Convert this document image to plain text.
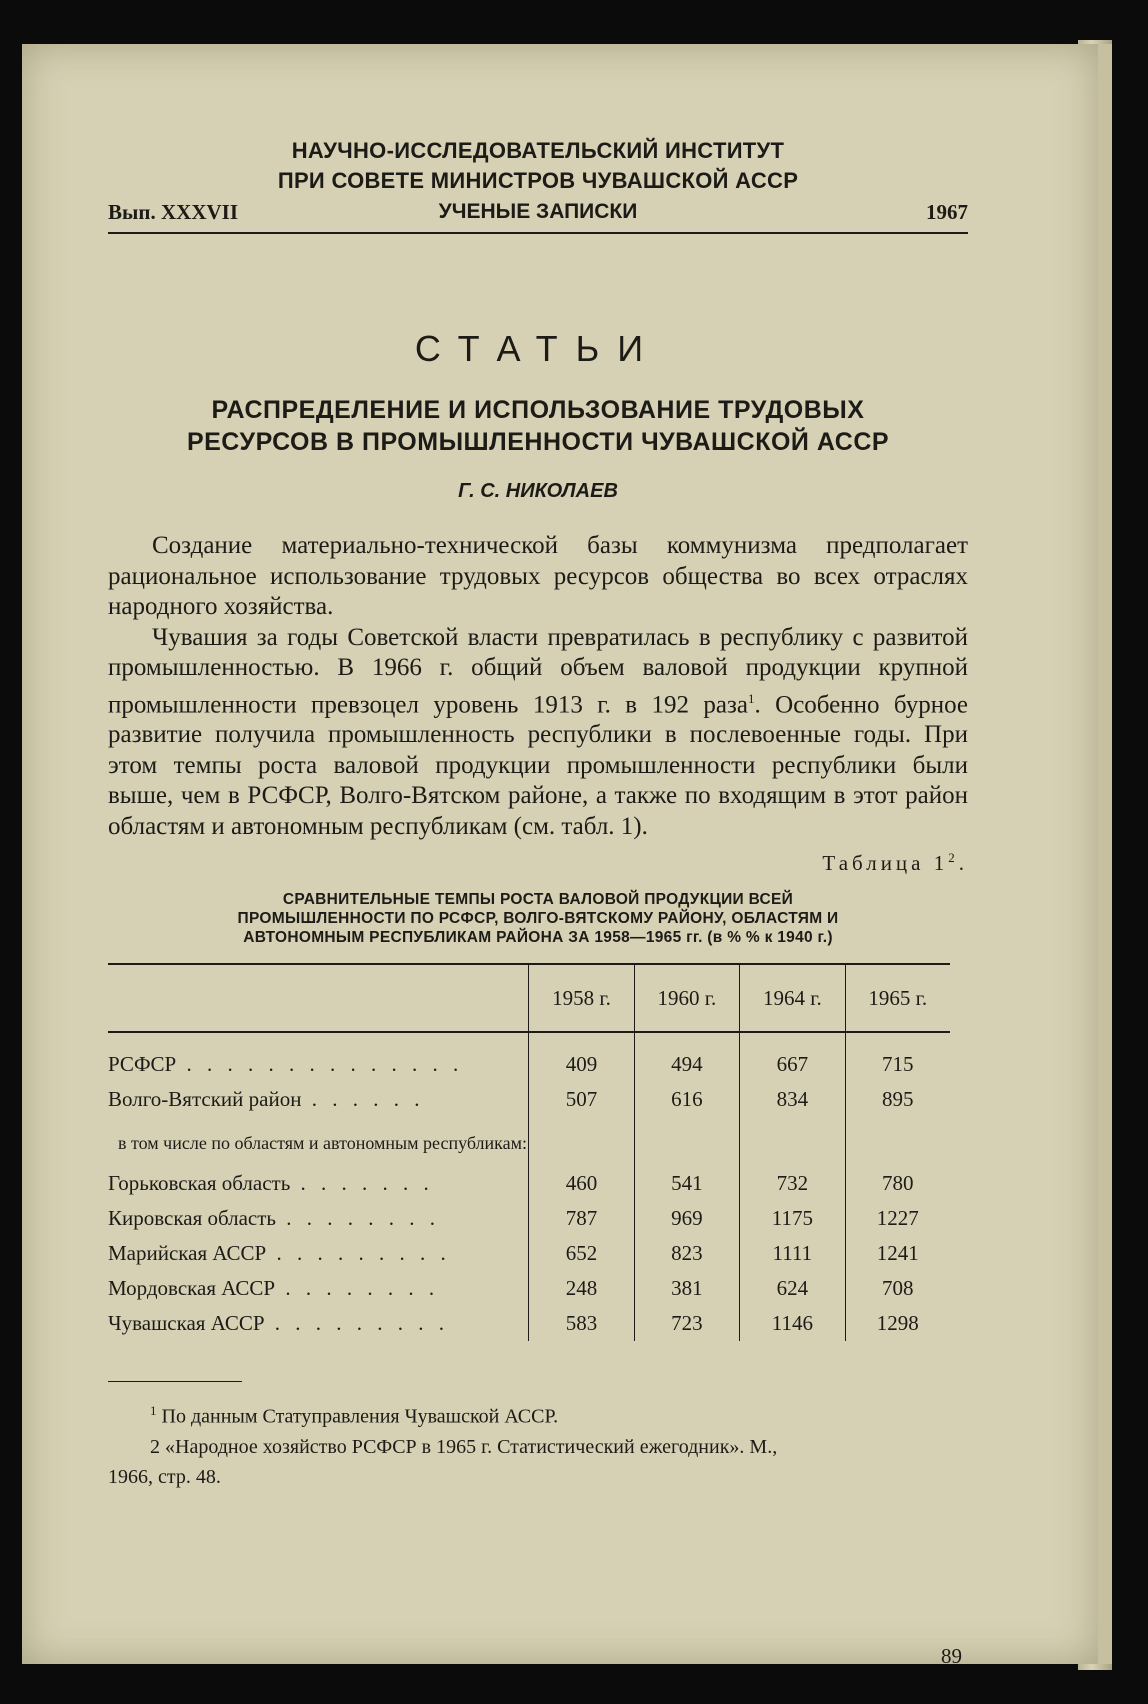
НАУЧНО-ИССЛЕДОВАТЕЛЬСКИЙ ИНСТИТУТ
ПРИ СОВЕТЕ МИНИСТРОВ ЧУВАШСКОЙ АССР
Вып. XXXVII	УЧЕНЫЕ ЗАПИСКИ	1967
СТАТЬИ
РАСПРЕДЕЛЕНИЕ И ИСПОЛЬЗОВАНИЕ ТРУДОВЫХ
РЕСУРСОВ В ПРОМЫШЛЕННОСТИ ЧУВАШСКОЙ АССР
Г. С. НИКОЛАЕВ

Создание материально-технической базы коммунизма предполагает рациональное использование трудовых ресурсов общества во всех отраслях народного хозяйства.

Чувашия за годы Советской власти превратилась в республику с развитой промышленностью. В 1966 г. общий объем валовой продукции крупной промышленности превзоцел уровень 1913 г. в 192 раза$^1$. Особенно бурное развитие получила промышленность республики в послевоенные годы. При этом темпы роста валовой продукции промышленности республики были выше, чем в РСФСР, Волго-Вятском районе, а также по входящим в этот район областям и автономным республикам (см. табл. 1).

Таблица $1^2$.
СРАВНИТЕЛЬНЫЕ ТЕМПЫ РОСТА ВАЛОВОЙ ПРОДУКЦИИ ВСЕЙ
ПРОМЫШЛЕННОСТИ ПО РСФСР, ВОЛГО-ВЯТСКОМУ РАЙОНУ, ОБЛАСТЯМ И
АВТОНОМНЫМ РЕСПУБЛИКАМ РАЙОНА ЗА 1958—1965 гг. (в % % к 1940 г.)
	1958 г.	1960 г.	1964 г.	1965 г.
РСФСР . . . . . . . . . . . . . .	409	494	667	715
Волго-Вятский район . . . . . .	507	616	834	895
в том числе по областям и автономным республикам:				
Горьковская область . . . . . . .	460	541	732	780
Кировская область . . . . . . . .	787	969	1175	1227
Марийская АССР . . . . . . . . .	652	823	1111	1241
Мордовская АССР . . . . . . . .	248	381	624	708
Чувашская АССР . . . . . . . . .	583	723	1146	1298

$^1$ По данным Статуправления Чувашской АССР.

2 «Народное хозяйство РСФСР в 1965 г. Статистический ежегодник». М.,

1966, стр. 48.

89
